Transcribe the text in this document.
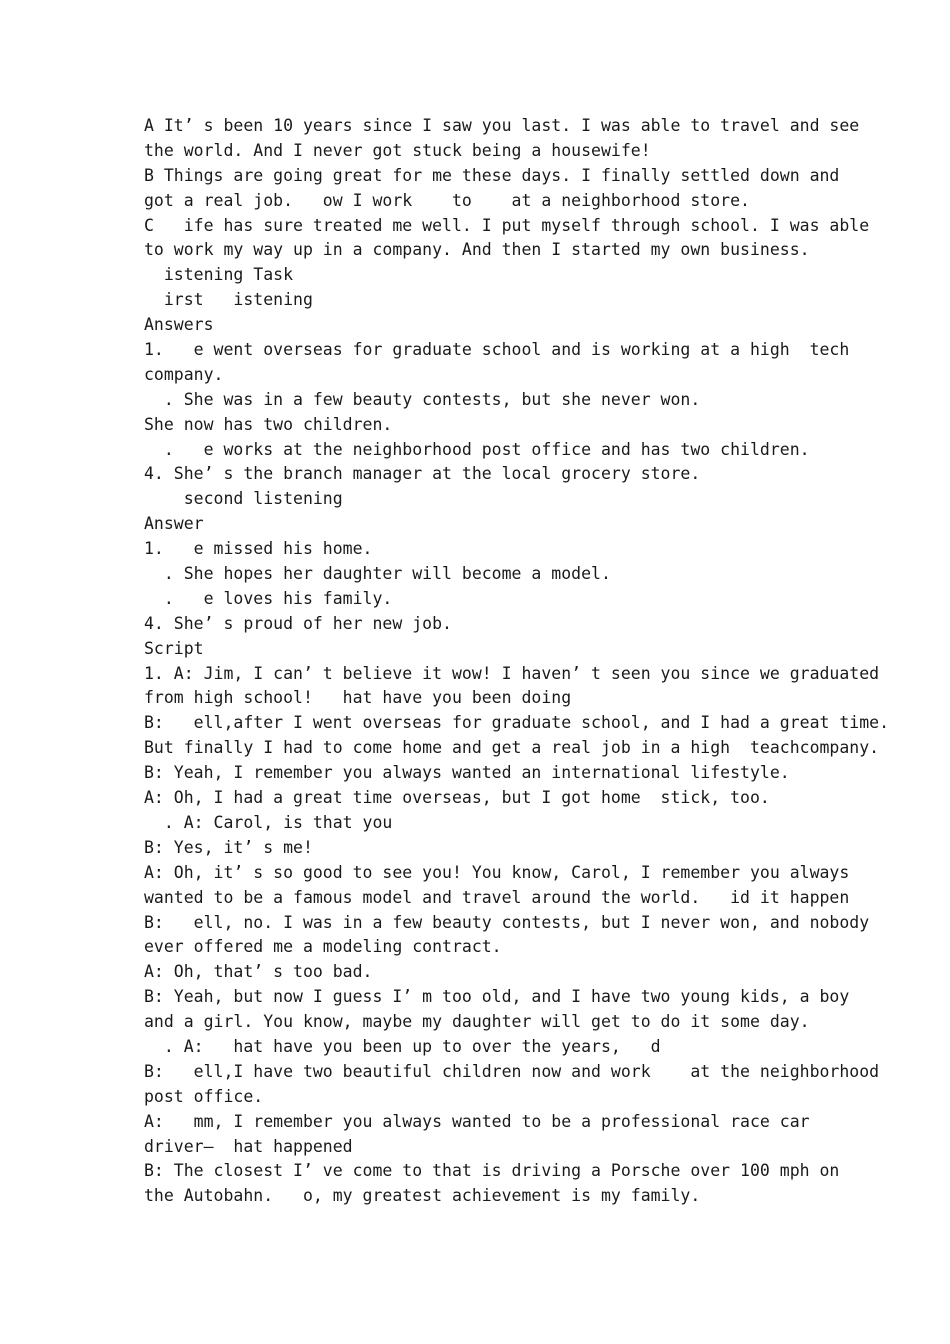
A It’ s been 10 years since I saw you last. I was able to travel and see
the world. And I never got stuck being a housewife!
B Things are going great for me these days. I finally settled down and
got a real job.   ow I work    to    at a neighborhood store.
C   ife has sure treated me well. I put myself through school. I was able
to work my way up in a company. And then I started my own business.
istening Task
irst   istening
Answers
1.   e went overseas for graduate school and is working at a high  tech
company.
. She was in a few beauty contests, but she never won.
She now has two children.
.   e works at the neighborhood post office and has two children.
4. She’ s the branch manager at the local grocery store.
second listening
Answer
1.   e missed his home.
. She hopes her daughter will become a model.
.   e loves his family.
4. She’ s proud of her new job.
Script
1. A: Jim, I can’ t believe it wow! I haven’ t seen you since we graduated
from high school!   hat have you been doing
B:   ell,after I went overseas for graduate school, and I had a great time.
But finally I had to come home and get a real job in a high  teachcompany.
B: Yeah, I remember you always wanted an international lifestyle.
A: Oh, I had a great time overseas, but I got home  stick, too.
. A: Carol, is that you
B: Yes, it’ s me!
A: Oh, it’ s so good to see you! You know, Carol, I remember you always
wanted to be a famous model and travel around the world.   id it happen
B:   ell, no. I was in a few beauty contests, but I never won, and nobody
ever offered me a modeling contract.
A: Oh, that’ s too bad.
B: Yeah, but now I guess I’ m too old, and I have two young kids, a boy
and a girl. You know, maybe my daughter will get to do it some day.
. A:   hat have you been up to over the years,   d
B:   ell,I have two beautiful children now and work    at the neighborhood
post office.
A:   mm, I remember you always wanted to be a professional race car
driver—  hat happened
B: The closest I’ ve come to that is driving a Porsche over 100 mph on
the Autobahn.   o, my greatest achievement is my family.
